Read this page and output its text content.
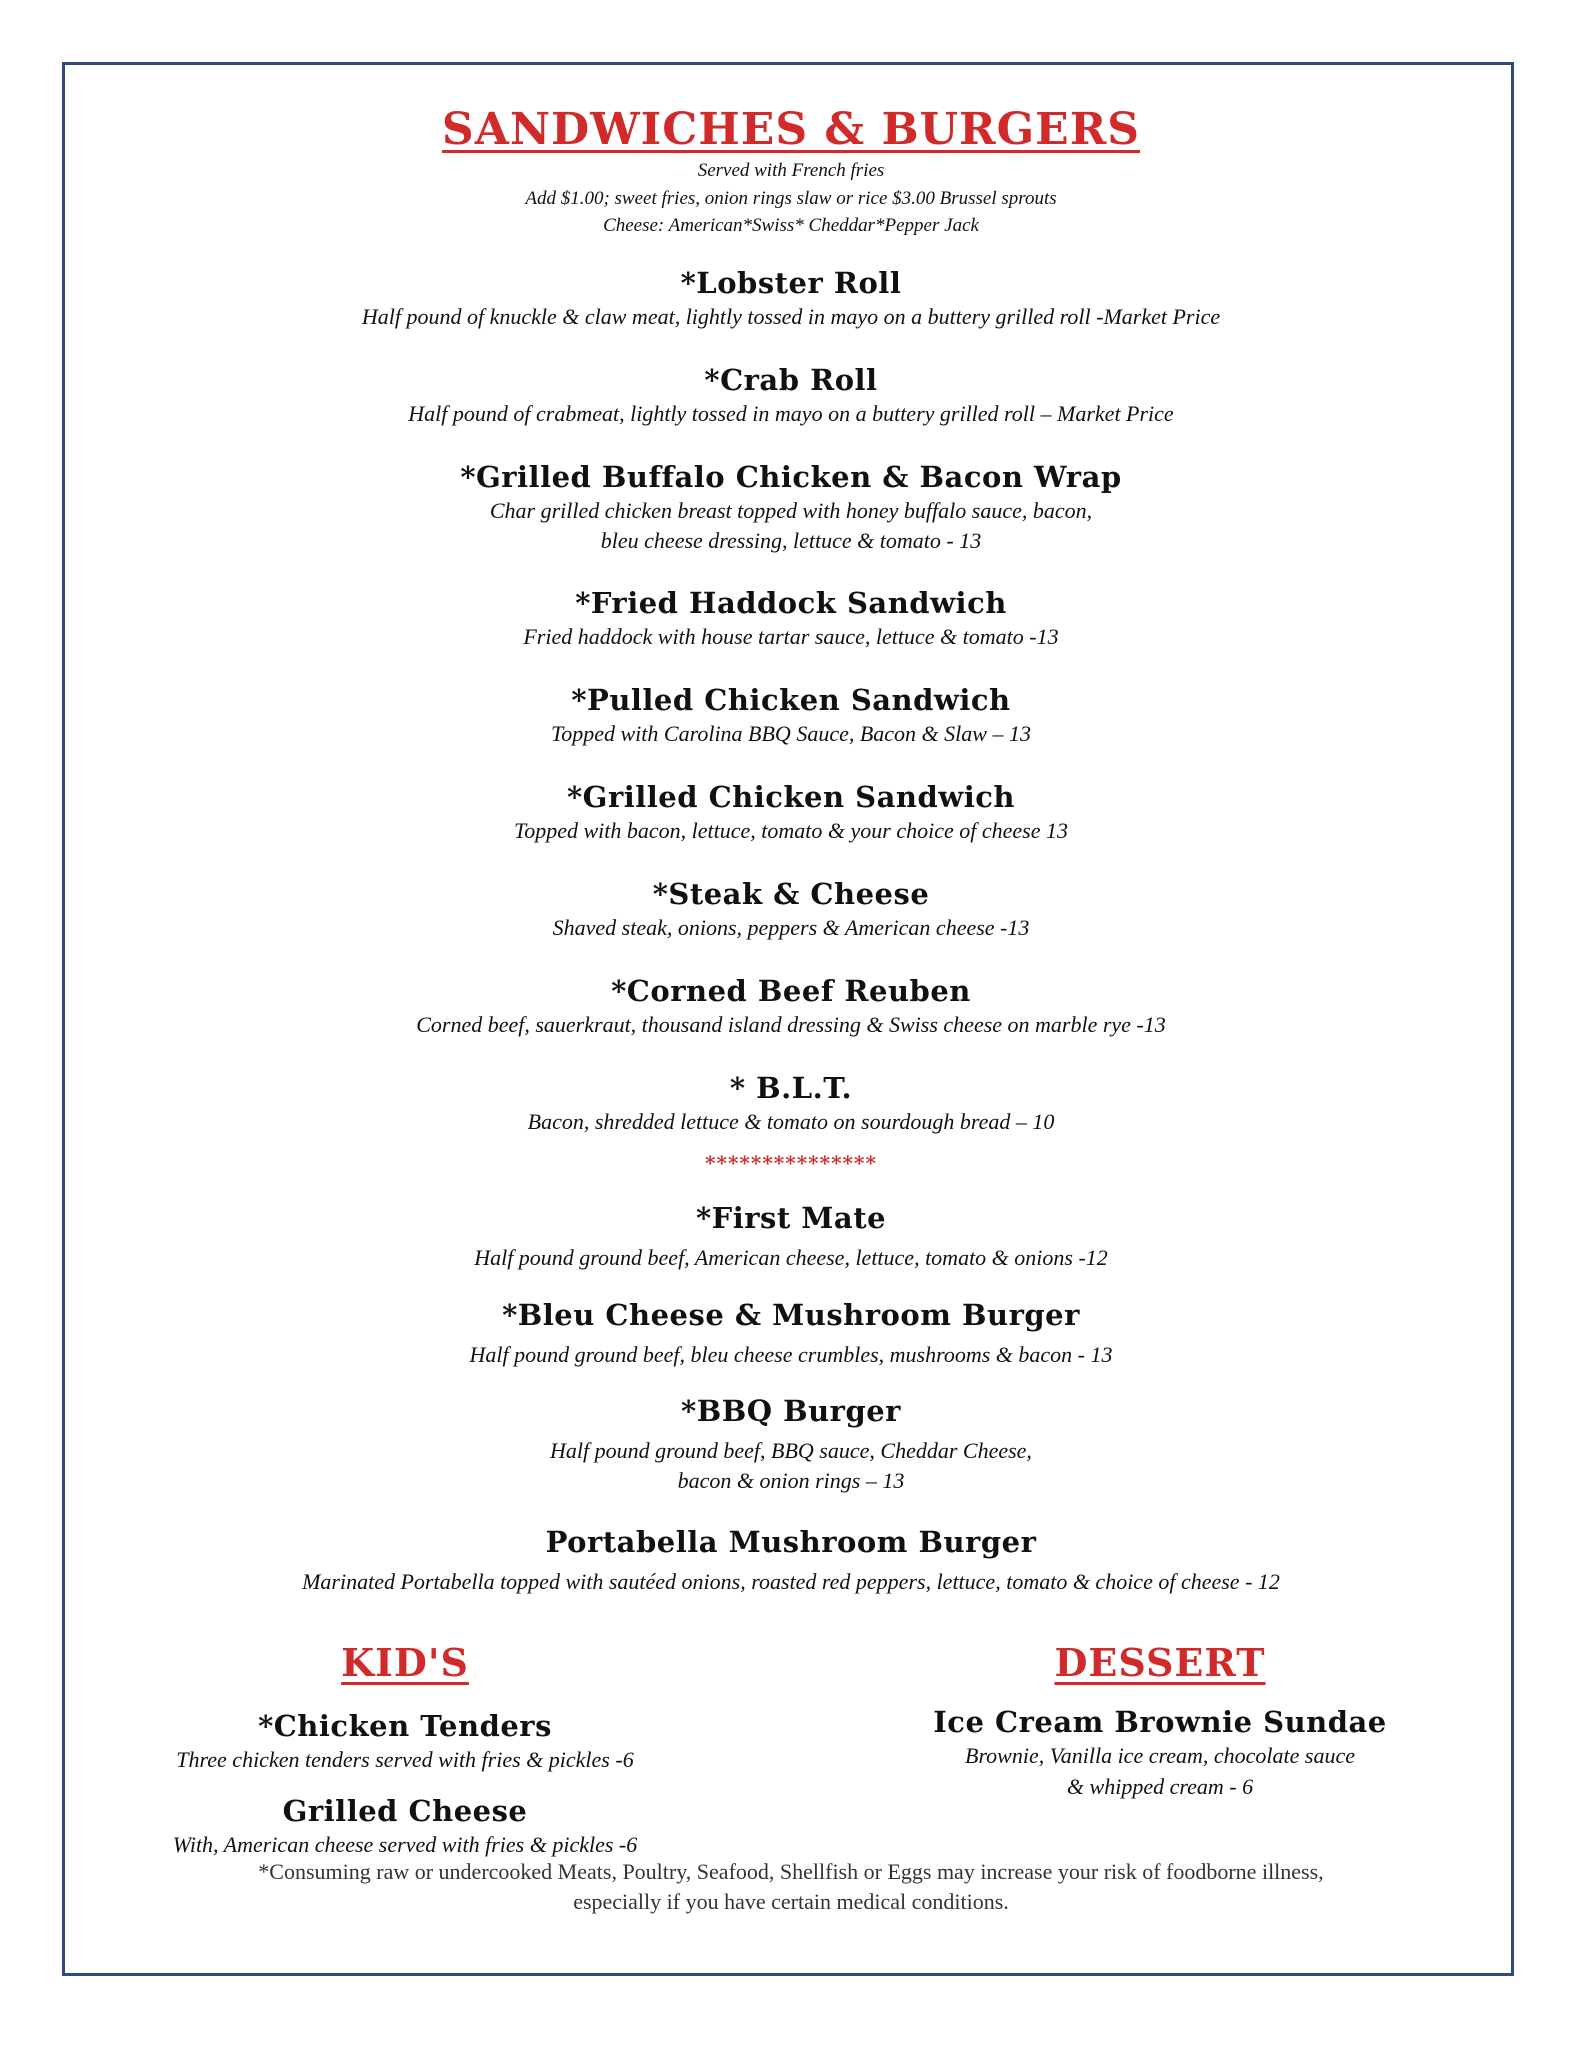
SANDWICHES & BURGERS
Served with French fries
Add $1.00; sweet fries, onion rings slaw or rice $3.00 Brussel sprouts
Cheese: American*Swiss* Cheddar*Pepper Jack
*Lobster Roll
Half pound of knuckle & claw meat, lightly tossed in mayo on a buttery grilled roll -Market Price
*Crab Roll
Half pound of crabmeat, lightly tossed in mayo on a buttery grilled roll – Market Price
*Grilled Buffalo Chicken & Bacon Wrap
Char grilled chicken breast topped with honey buffalo sauce, bacon,
bleu cheese dressing, lettuce & tomato - 13
*Fried Haddock Sandwich
Fried haddock with house tartar sauce, lettuce & tomato -13
*Pulled Chicken Sandwich
Topped with Carolina BBQ Sauce, Bacon & Slaw – 13
*Grilled Chicken Sandwich
Topped with bacon, lettuce, tomato & your choice of cheese 13
*Steak & Cheese
Shaved steak, onions, peppers & American cheese -13
*Corned Beef Reuben
Corned beef, sauerkraut, thousand island dressing & Swiss cheese on marble rye -13
* B.L.T.
Bacon, shredded lettuce & tomato on sourdough bread – 10
***************
*First Mate
Half pound ground beef, American cheese, lettuce, tomato & onions -12
*Bleu Cheese & Mushroom Burger
Half pound ground beef, bleu cheese crumbles, mushrooms & bacon - 13
*BBQ Burger
Half pound ground beef, BBQ sauce, Cheddar Cheese,
bacon & onion rings – 13
Portabella Mushroom Burger
Marinated Portabella topped with sautéed onions, roasted red peppers, lettuce, tomato & choice of cheese - 12
KID'S
*Chicken Tenders
Three chicken tenders served with fries & pickles -6
Grilled Cheese
With, American cheese served with fries & pickles -6
DESSERT
Ice Cream Brownie Sundae
Brownie, Vanilla ice cream, chocolate sauce
& whipped cream - 6
*Consuming raw or undercooked Meats, Poultry, Seafood, Shellfish or Eggs may increase your risk of foodborne illness,
especially if you have certain medical conditions.
